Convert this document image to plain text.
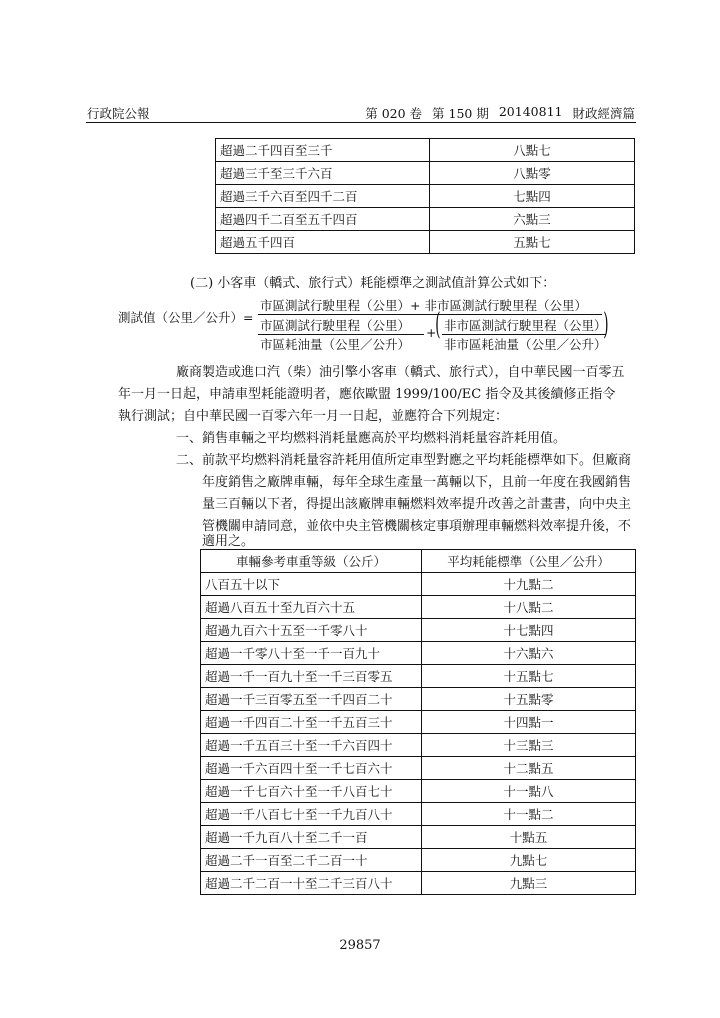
行政院公報	第 020 卷 第 150 期 20140811 財政經濟篇
超過二千四百至三千	八點七
超過三千至三千六百	八點零
超過三千六百至四千二百	七點四
超過四千二百至五千四百	六點三
超過五千四百	五點七
(二) 小客車（轎式、旅行式）耗能標準之測試值計算公式如下：
測試值（公里／公升）=
市區測試行駛里程（公里）+ 非市區測試行駛里程（公里）
市區測試行駛里程（公里）
市區耗油量（公里／公升）
+
( 非市區測試行駛里程（公里）
非市區耗油量（公里／公升）
)
廠商製造或進口汽（柴）油引擎小客車（轎式、旅行式），自中華民國一百零五
年一月一日起，申請車型耗能證明者，應依歐盟 1999/100/EC 指令及其後續修正指令
執行測試；自中華民國一百零六年一月一日起，並應符合下列規定：
一、銷售車輛之平均燃料消耗量應高於平均燃料消耗量容許耗用值。
二、前款平均燃料消耗量容許耗用值所定車型對應之平均耗能標準如下。但廠商
年度銷售之廠牌車輛，每年全球生產量一萬輛以下，且前一年度在我國銷售
量三百輛以下者，得提出該廠牌車輛燃料效率提升改善之計畫書，向中央主
管機關申請同意，並依中央主管機關核定事項辦理車輛燃料效率提升後，不
適用之。
車輛參考車重等級（公斤）	平均耗能標準（公里／公升）
八百五十以下	十九點二
超過八百五十至九百六十五	十八點二
超過九百六十五至一千零八十	十七點四
超過一千零八十至一千一百九十	十六點六
超過一千一百九十至一千三百零五	十五點七
超過一千三百零五至一千四百二十	十五點零
超過一千四百二十至一千五百三十	十四點一
超過一千五百三十至一千六百四十	十三點三
超過一千六百四十至一千七百六十	十二點五
超過一千七百六十至一千八百七十	十一點八
超過一千八百七十至一千九百八十	十一點二
超過一千九百八十至二千一百	十點五
超過二千一百至二千二百一十	九點七
超過二千二百一十至二千三百八十	九點三
29857
